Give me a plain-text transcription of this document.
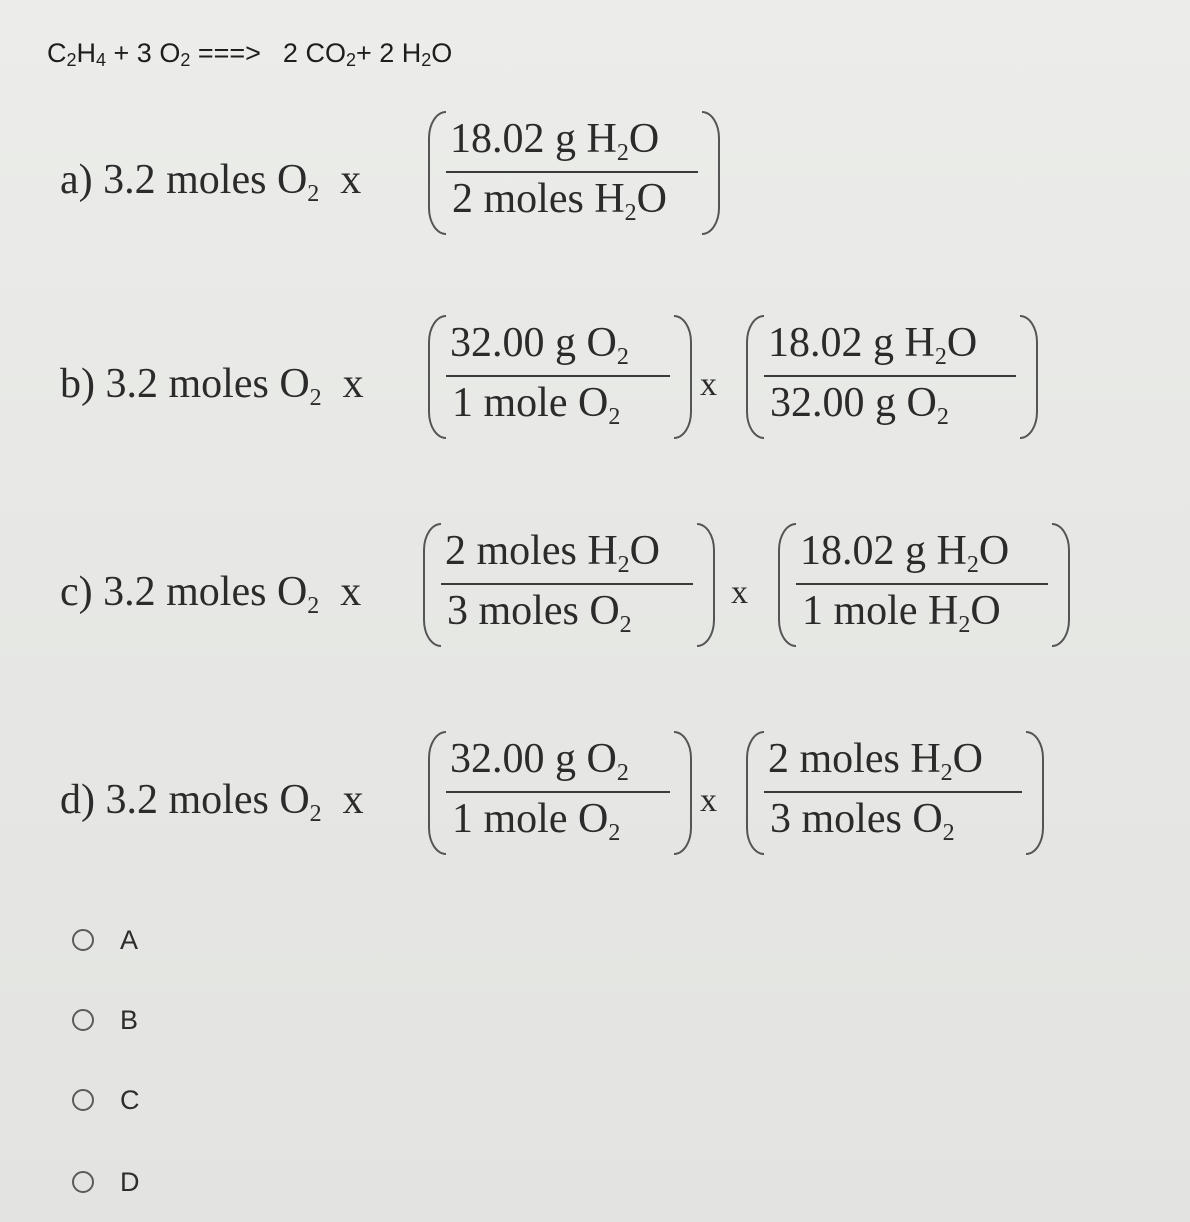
$C_2H_4 + 3$ $O_2$ ===> 2 $CO_2+ 2$ $H_2O$
a) 3.2 moles $O_2$  x
18.02 g $H_2O$
2 moles $H_2O$
b) 3.2 moles $O_2$  x
32.00 g $O_2$
1 mole $O_2$
x
18.02 g $H_2O$
32.00 g $O_2$
c) 3.2 moles $O_2$  x
2 moles $H_2O$
3 moles $O_2$
x
18.02 g $H_2O$
1 mole $H_2O$
d) 3.2 moles $O_2$  x
32.00 g $O_2$
1 mole $O_2$
x
2 moles $H_2O$
3 moles $O_2$
A
B
C
D
